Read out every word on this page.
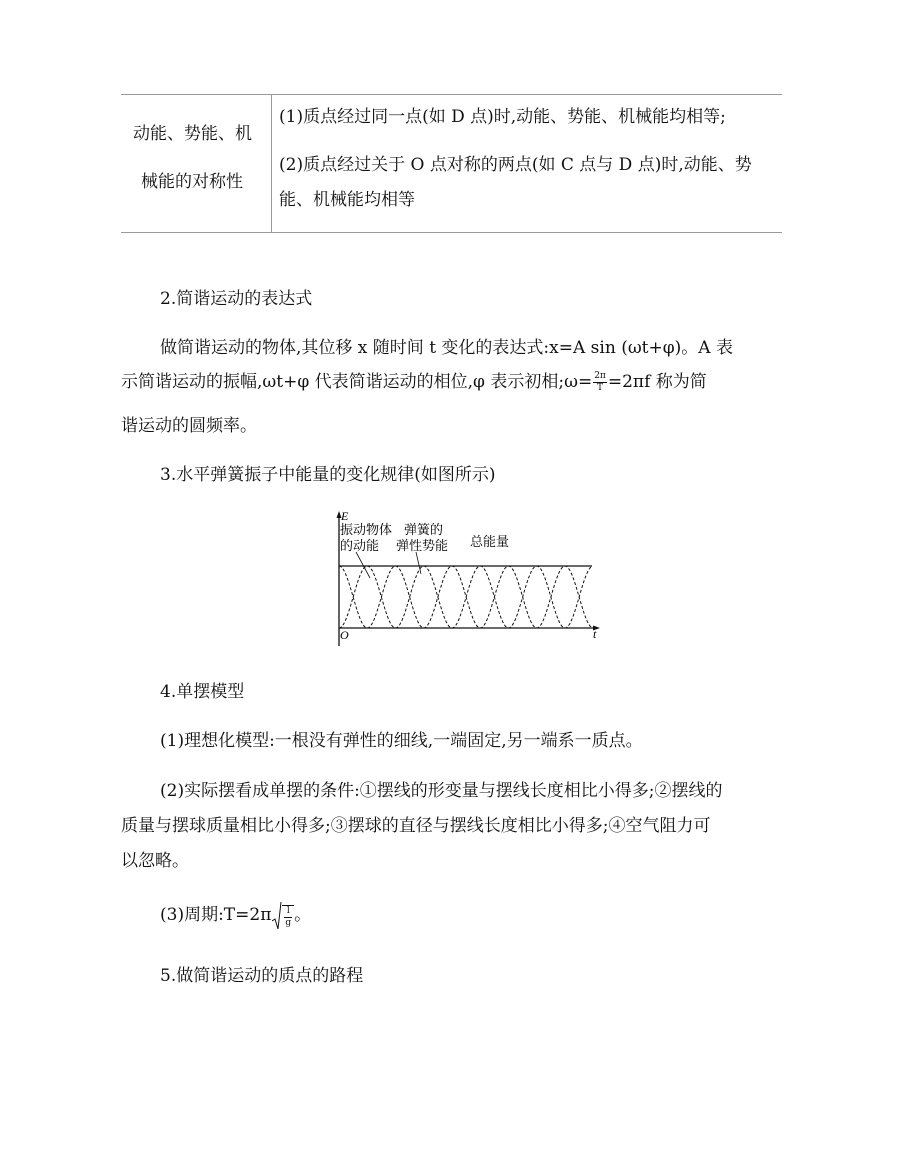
动能、势能、机
械能的对称性
(1)质点经过同一点(如 D 点)时,动能、势能、机械能均相等;
(2)质点经过关于 O 点对称的两点(如 C 点与 D 点)时,动能、势
能、机械能均相等
2.简谐运动的表达式
做简谐运动的物体,其位移 x 随时间 t 变化的表达式:x=A sin (ωt+φ)。A 表
示简谐运动的振幅,ωt+φ 代表简谐运动的相位,φ 表示初相;ω= $\frac{2\pi}{T} =2\pi f$ 称为简
谐运动的圆频率。
3.水平弹簧振子中能量的变化规律(如图所示)
E
t
O
振动物体
的动能
弹簧的
弹性势能 总能量
4.单摆模型
(1)理想化模型:一根没有弹性的细线,一端固定,另一端系一质点。
(2)实际摆看成单摆的条件:①摆线的形变量与摆线长度相比小得多;②摆线的
质量与摆球质量相比小得多;③摆球的直径与摆线长度相比小得多;④空气阻力可
以忽略。
(3)周期:T=2π $\frac{l}{g}$ 。
5.做简谐运动的质点的路程
